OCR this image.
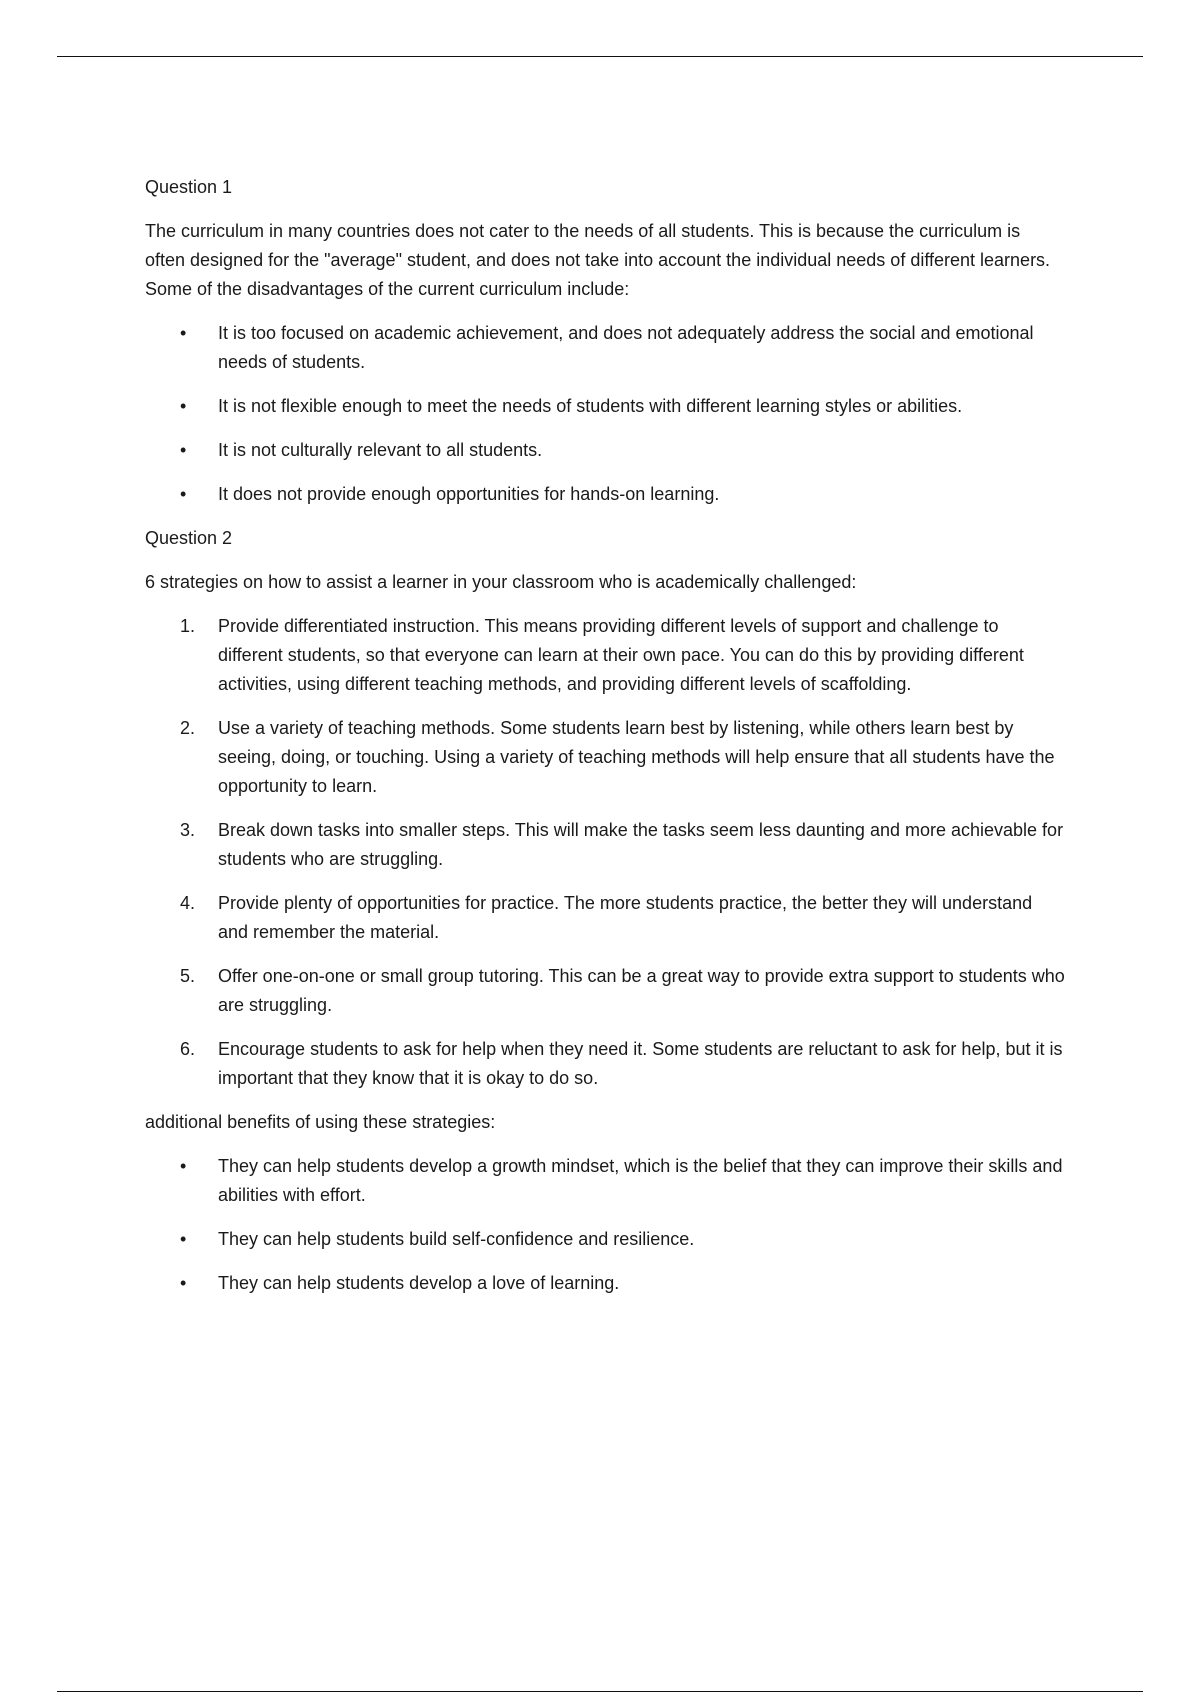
Question 1

The curriculum in many countries does not cater to the needs of all students. This is because the curriculum is often designed for the "average" student, and does not take into account the individual needs of different learners. Some of the disadvantages of the current curriculum include:

• It is too focused on academic achievement, and does not adequately address the social and emotional needs of students.
• It is not flexible enough to meet the needs of students with different learning styles or abilities.
• It is not culturally relevant to all students.
• It does not provide enough opportunities for hands-on learning.

Question 2

6 strategies on how to assist a learner in your classroom who is academically challenged:

1. Provide differentiated instruction. This means providing different levels of support and challenge to different students, so that everyone can learn at their own pace. You can do this by providing different activities, using different teaching methods, and providing different levels of scaffolding.
2. Use a variety of teaching methods. Some students learn best by listening, while others learn best by seeing, doing, or touching. Using a variety of teaching methods will help ensure that all students have the opportunity to learn.
3. Break down tasks into smaller steps. This will make the tasks seem less daunting and more achievable for students who are struggling.
4. Provide plenty of opportunities for practice. The more students practice, the better they will understand and remember the material.
5. Offer one-on-one or small group tutoring. This can be a great way to provide extra support to students who are struggling.
6. Encourage students to ask for help when they need it. Some students are reluctant to ask for help, but it is important that they know that it is okay to do so.

additional benefits of using these strategies:

• They can help students develop a growth mindset, which is the belief that they can improve their skills and abilities with effort.
• They can help students build self-confidence and resilience.
• They can help students develop a love of learning.
